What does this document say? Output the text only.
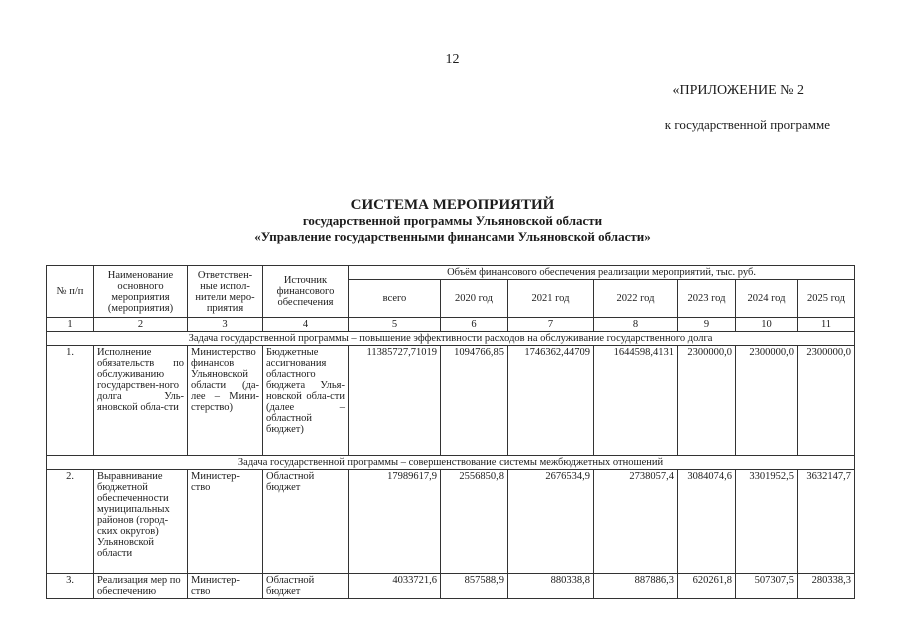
12
«ПРИЛОЖЕНИЕ № 2
к государственной программе
СИСТЕМА МЕРОПРИЯТИЙ
государственной программы Ульяновской области
«Управление государственными финансами Ульяновской области»
№ п/п	Наименование основного мероприятия (мероприятия)	Ответствен-ные испол-нители меро-приятия	Источник финансового обеспечения	Объём финансового обеспечения реализации мероприятий, тыс. руб.						
				всего	2020 год	2021 год	2022 год	2023 год	2024 год	2025 год
1	2	3	4	5	6	7	8	9	10	11
Задача государственной программы – повышение эффективности расходов на обслуживание государственного долга										
1.	Исполнение обязательств по обслуживанию государствен-ного долга Уль-яновской обла-сти	Министерство финансов Ульяновской области (да-лее – Мини-стерство)	Бюджетные ассигнования областного бюджета Улья-новской обла-сти (далее – областной бюджет)	11385727,71019	1094766,85	1746362,44709	1644598,4131	2300000,0	2300000,0	2300000,0
Задача государственной программы – совершенствование системы межбюджетных отношений										
2.	Выравнивание бюджетной обеспеченности муниципальных районов (город-ских округов) Ульяновской области	Министер-ство	Областной бюджет	17989617,9	2556850,8	2676534,9	2738057,4	3084074,6	3301952,5	3632147,7
3.	Реализация мер по обеспечению	Министер-ство	Областной бюджет	4033721,6	857588,9	880338,8	887886,3	620261,8	507307,5	280338,3
